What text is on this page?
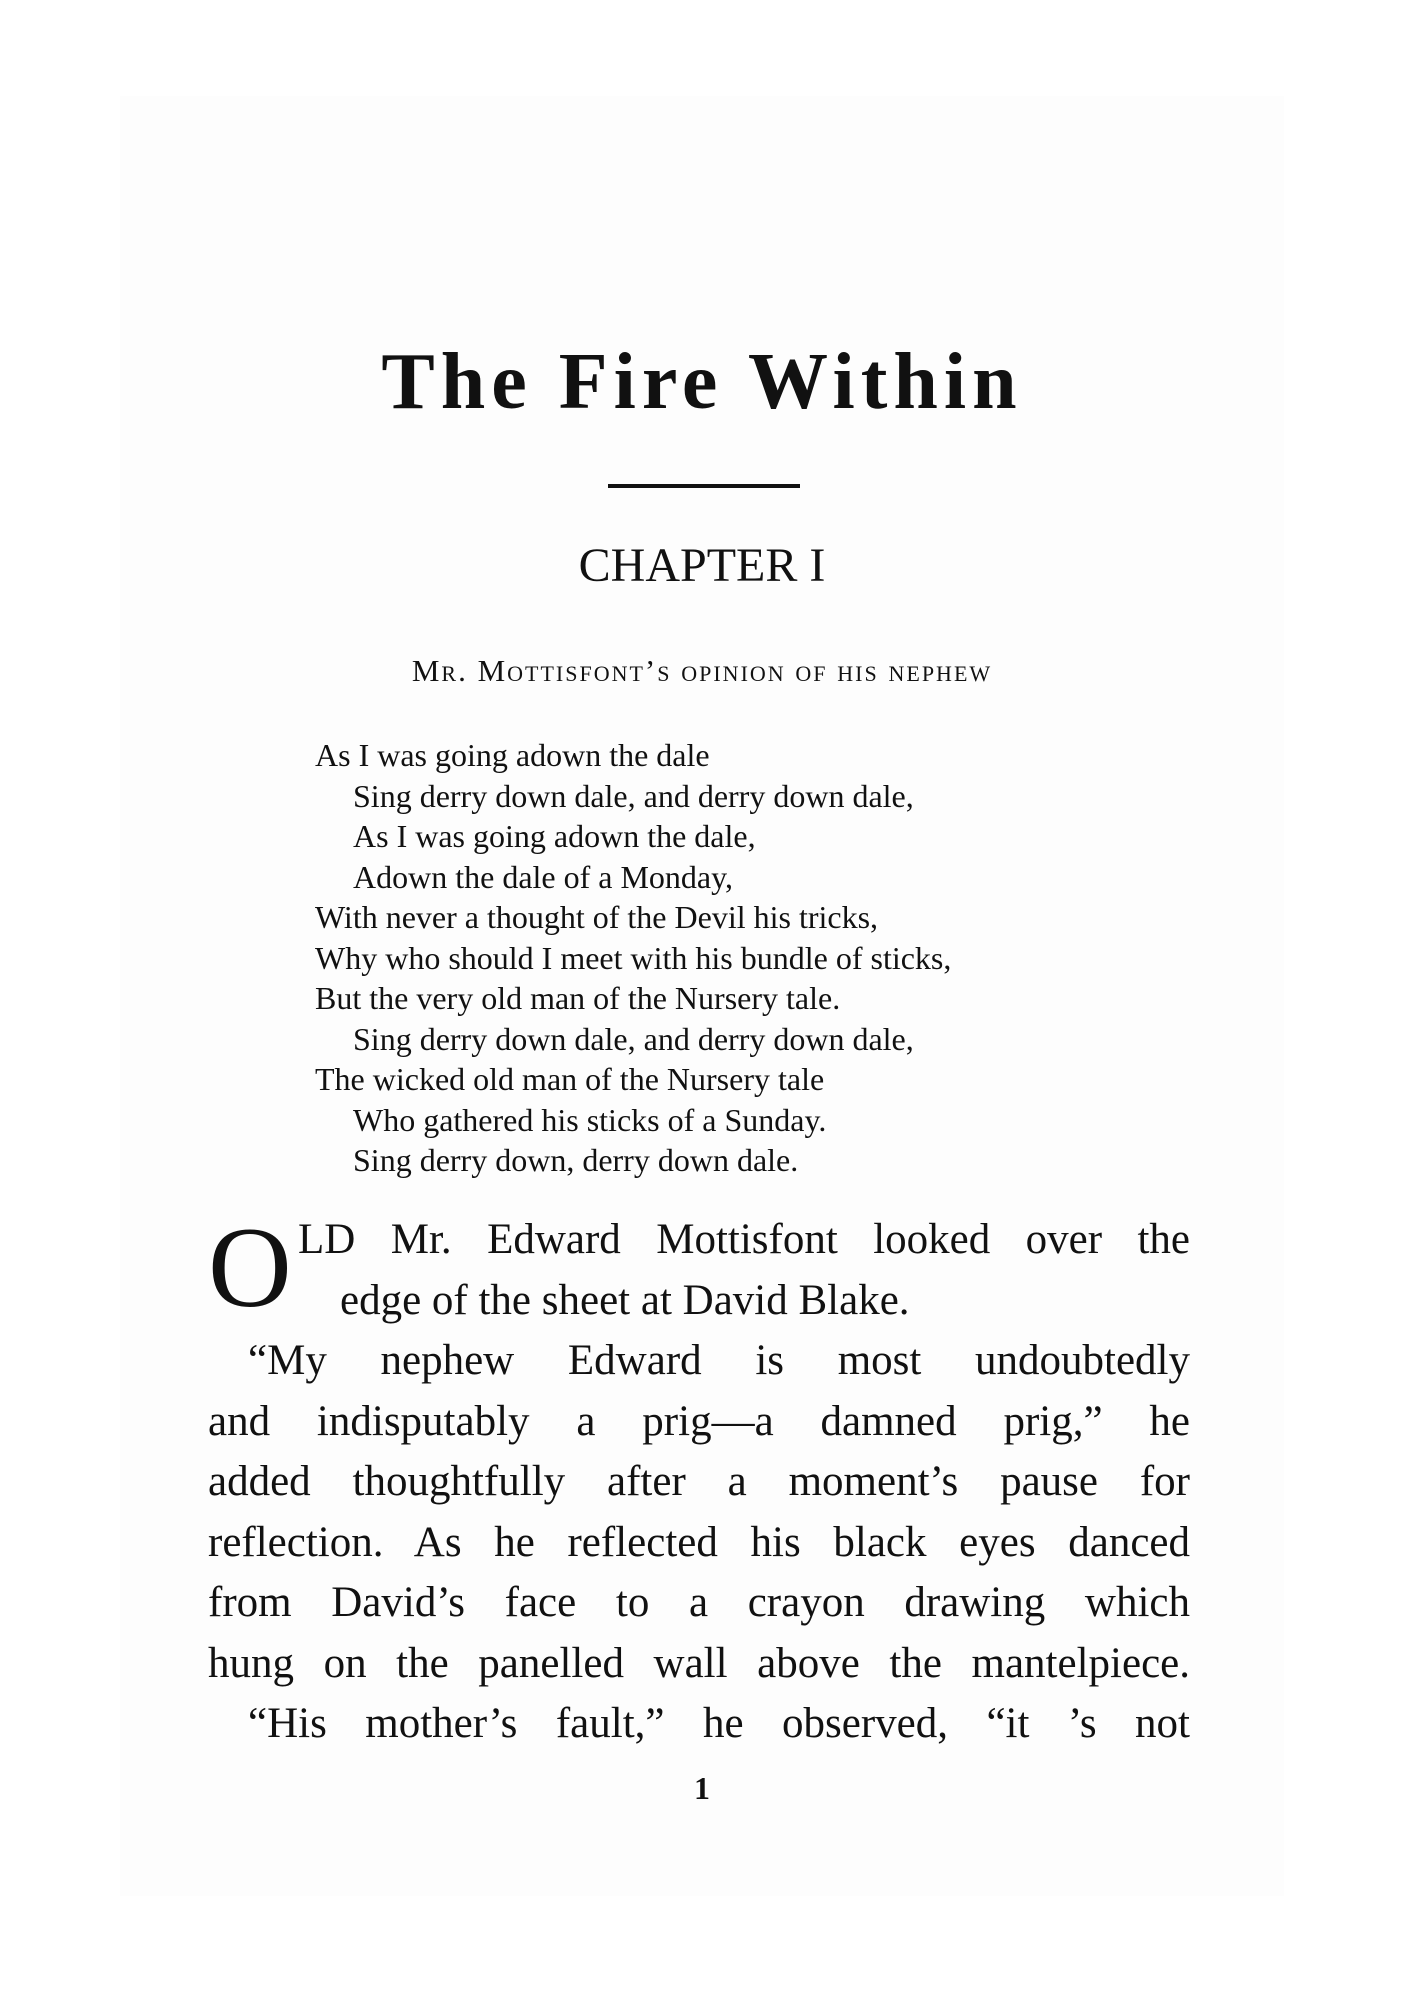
The Fire Within
CHAPTER I
Mr. Mottisfont’s opinion of his nephew
As I was going adown the dale
Sing derry down dale, and derry down dale,
As I was going adown the dale,
Adown the dale of a Monday,
With never a thought of the Devil his tricks,
Why who should I meet with his bundle of sticks,
But the very old man of the Nursery tale.
Sing derry down dale, and derry down dale,
The wicked old man of the Nursery tale
Who gathered his sticks of a Sunday.
Sing derry down, derry down dale.
O LD Mr. Edward Mottisfont looked over the
edge of the sheet at David Blake.
“My nephew Edward is most undoubtedly
and indisputably a prig—a damned prig,” he
added thoughtfully after a moment’s pause for
reflection. As he reflected his black eyes danced
from David’s face to a crayon drawing which
hung on the panelled wall above the mantelpiece.
“His mother’s fault,” he observed, “it ’s not
1
